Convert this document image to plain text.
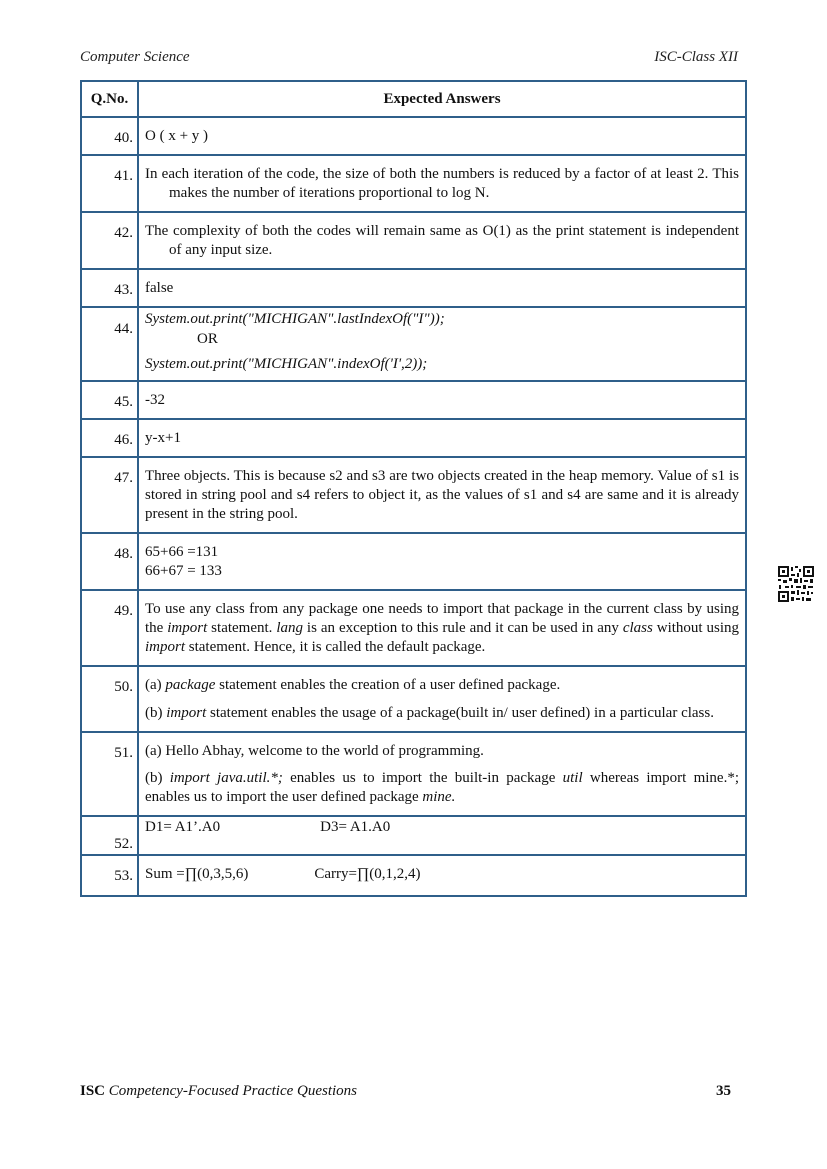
Computer Science	ISC-Class XII
Q.No.	Expected Answers
40.	O ( x + y )
41.	In each iteration of the code, the size of both the numbers is reduced by a factor of at least 2. This makes the number of iterations proportional to log N.

42.	The complexity of both the codes will remain same as O(1) as the print statement is independent of any input size.

43.	false
44.	System.out.print("MICHIGAN".lastIndexOf("I"));
OR
System.out.print("MICHIGAN".indexOf('I',2));

45.	-32
46.	y-x+1
47.	Three objects. This is because s2 and s3 are two objects created in the heap memory. Value of s1 is stored in string pool and s4 refers to object it, as the values of s1 and s4 are same and it is already present in the string pool.
48.	65+66 =131
66+67 = 133

49.	To use any class from any package one needs to import that package in the current class by using the import statement. lang is an exception to this rule and it can be used in any class without using import statement. Hence, it is called the default package.
50.	(a) package statement enables the creation of a user defined package.

(b) import statement enables the usage of a package(built in/ user defined) in a particular class.

51.	(a) Hello Abhay, welcome to the world of programming.

(b) import java.util.*; enables us to import the built-in package util whereas import mine.*; enables us to import the user defined package mine.

52.	D1= A1’.A0 D3= A1.A0
53.	Sum =∏(0,3,5,6) Carry=∏(0,1,2,4)
ISC Competency-Focused Practice Questions	35
